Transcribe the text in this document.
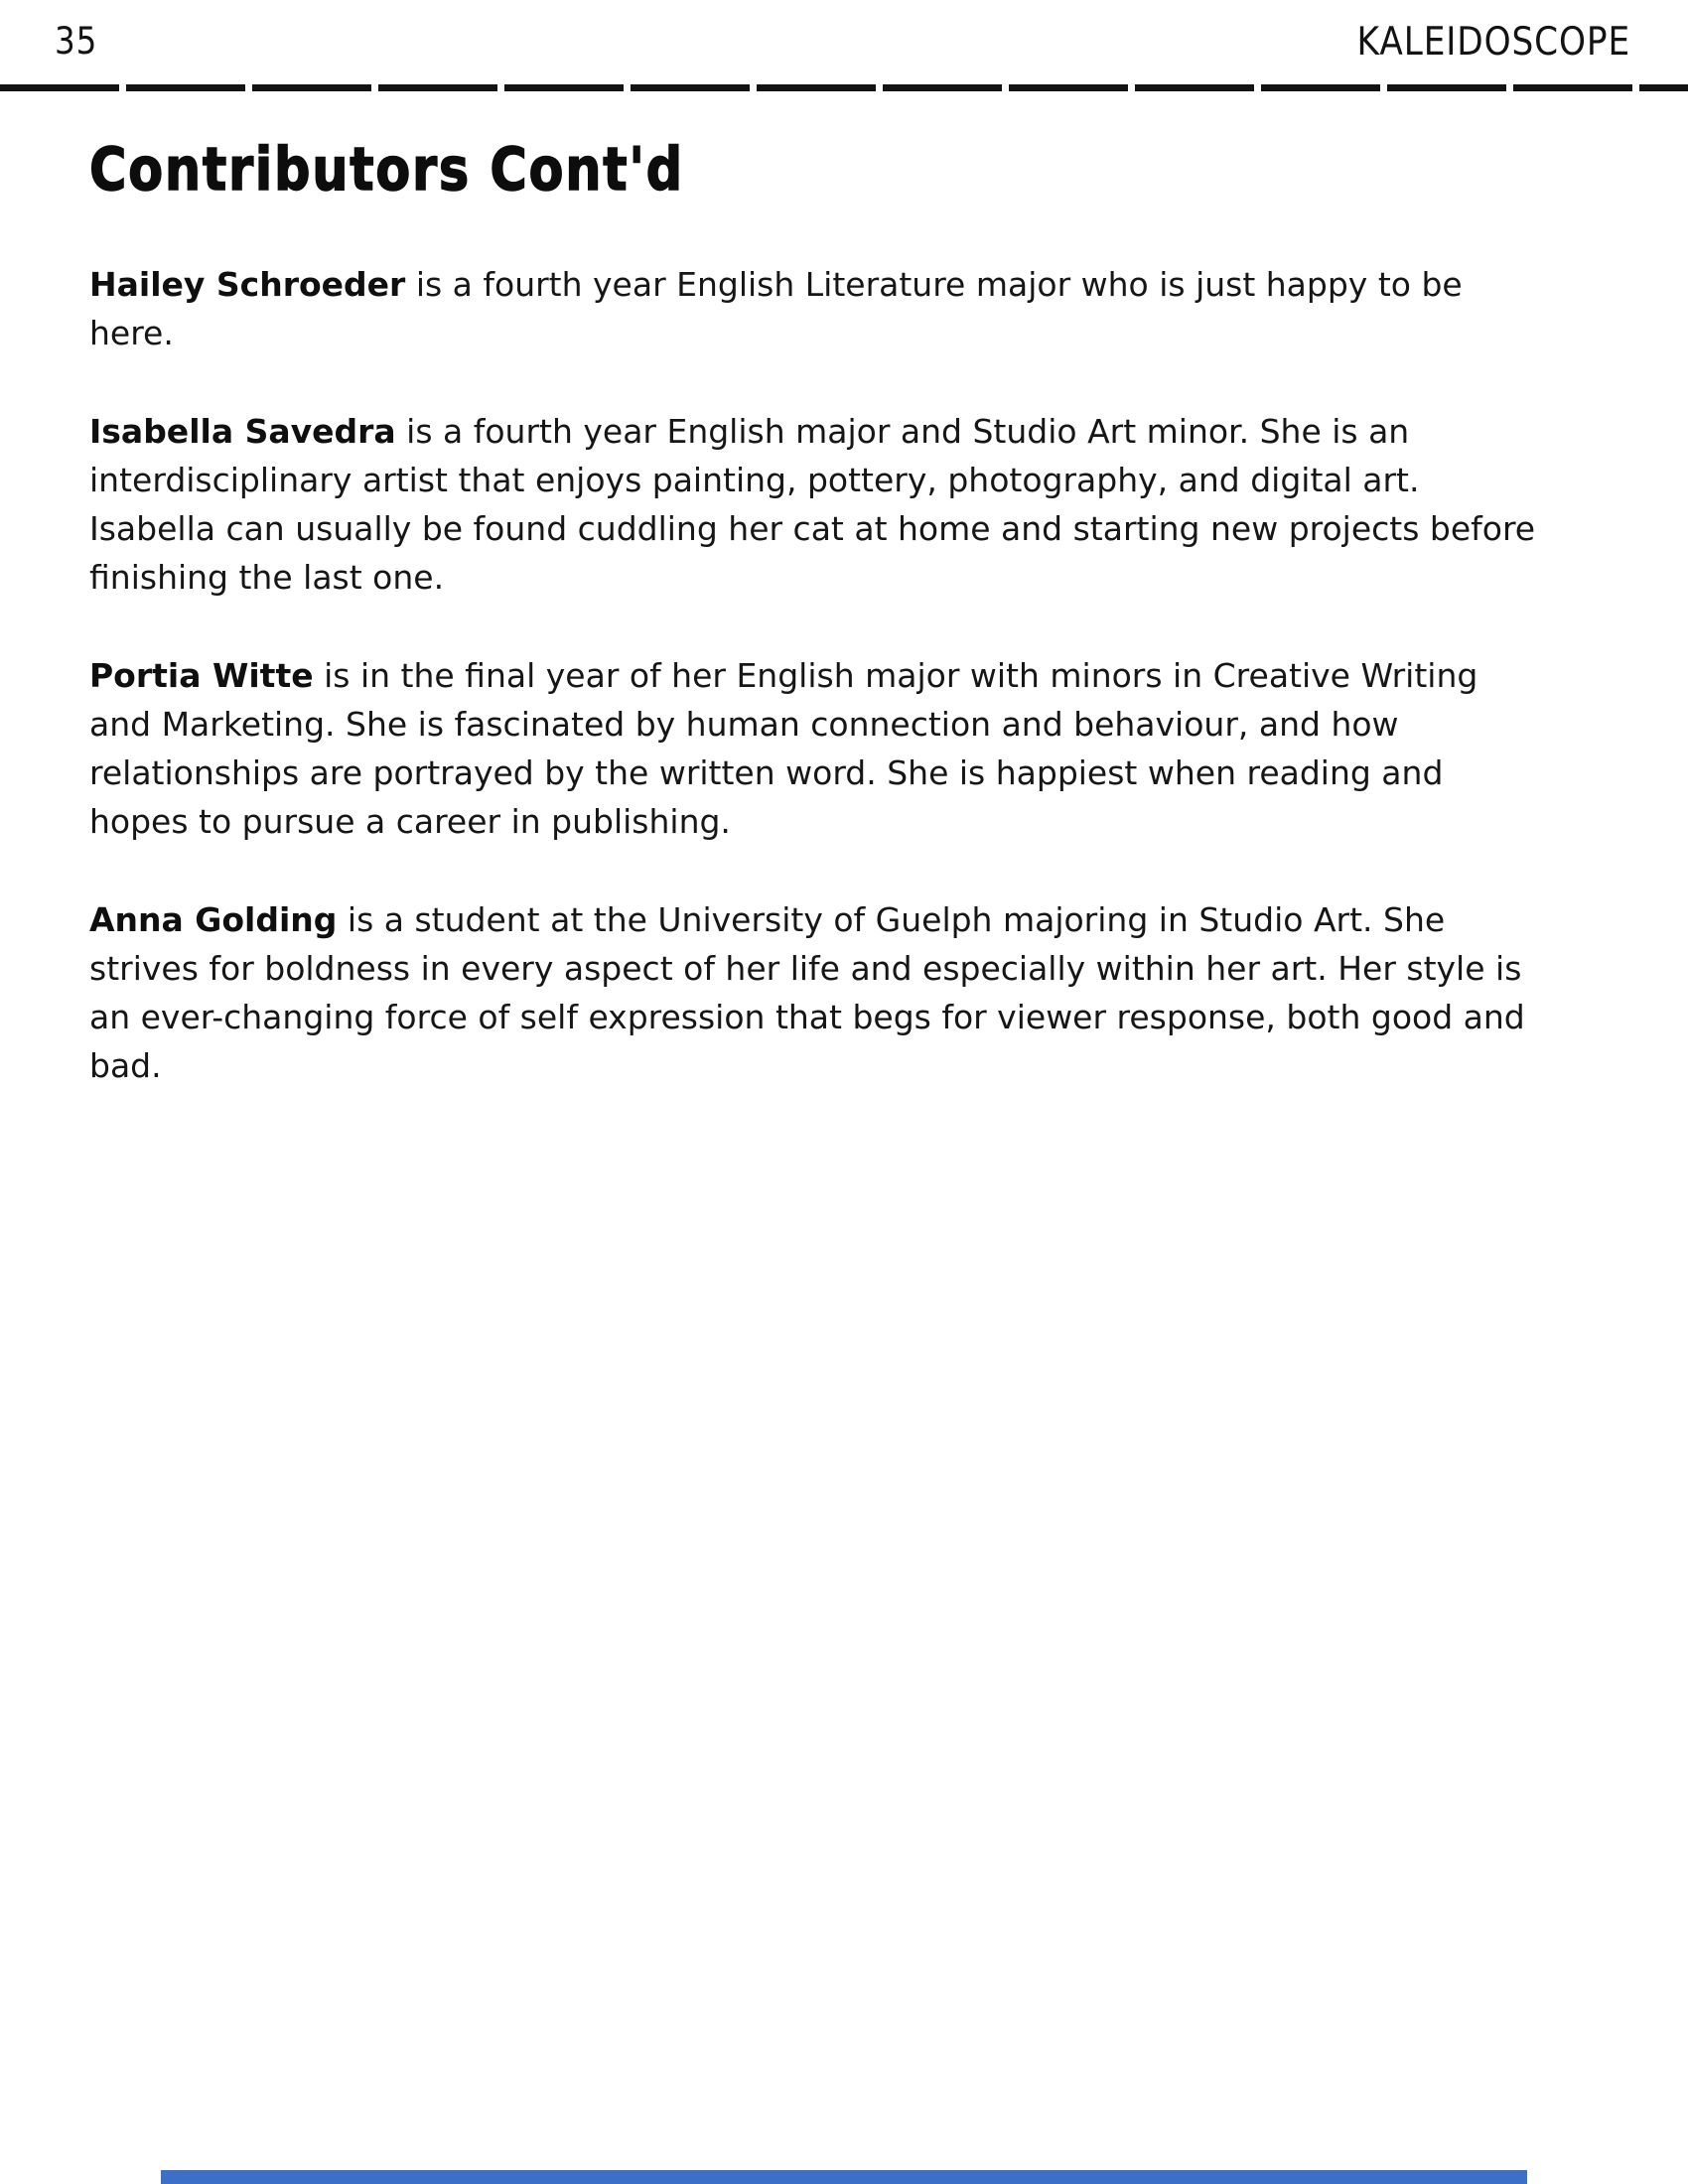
35	KALEIDOSCOPE
Contributors Cont'd

Hailey Schroeder is a fourth year English Literature major who is just happy to be here.

Isabella Savedra is a fourth year English major and Studio Art minor. She is an interdisciplinary artist that enjoys painting, pottery, photography, and digital art. Isabella can usually be found cuddling her cat at home and starting new projects before finishing the last one.

Portia Witte is in the final year of her English major with minors in Creative Writing and Marketing. She is fascinated by human connection and behaviour, and how relationships are portrayed by the written word. She is happiest when reading and hopes to pursue a career in publishing.

Anna Golding is a student at the University of Guelph majoring in Studio Art. She strives for boldness in every aspect of her life and especially within her art. Her style is an ever-changing force of self expression that begs for viewer response, both good and bad.
